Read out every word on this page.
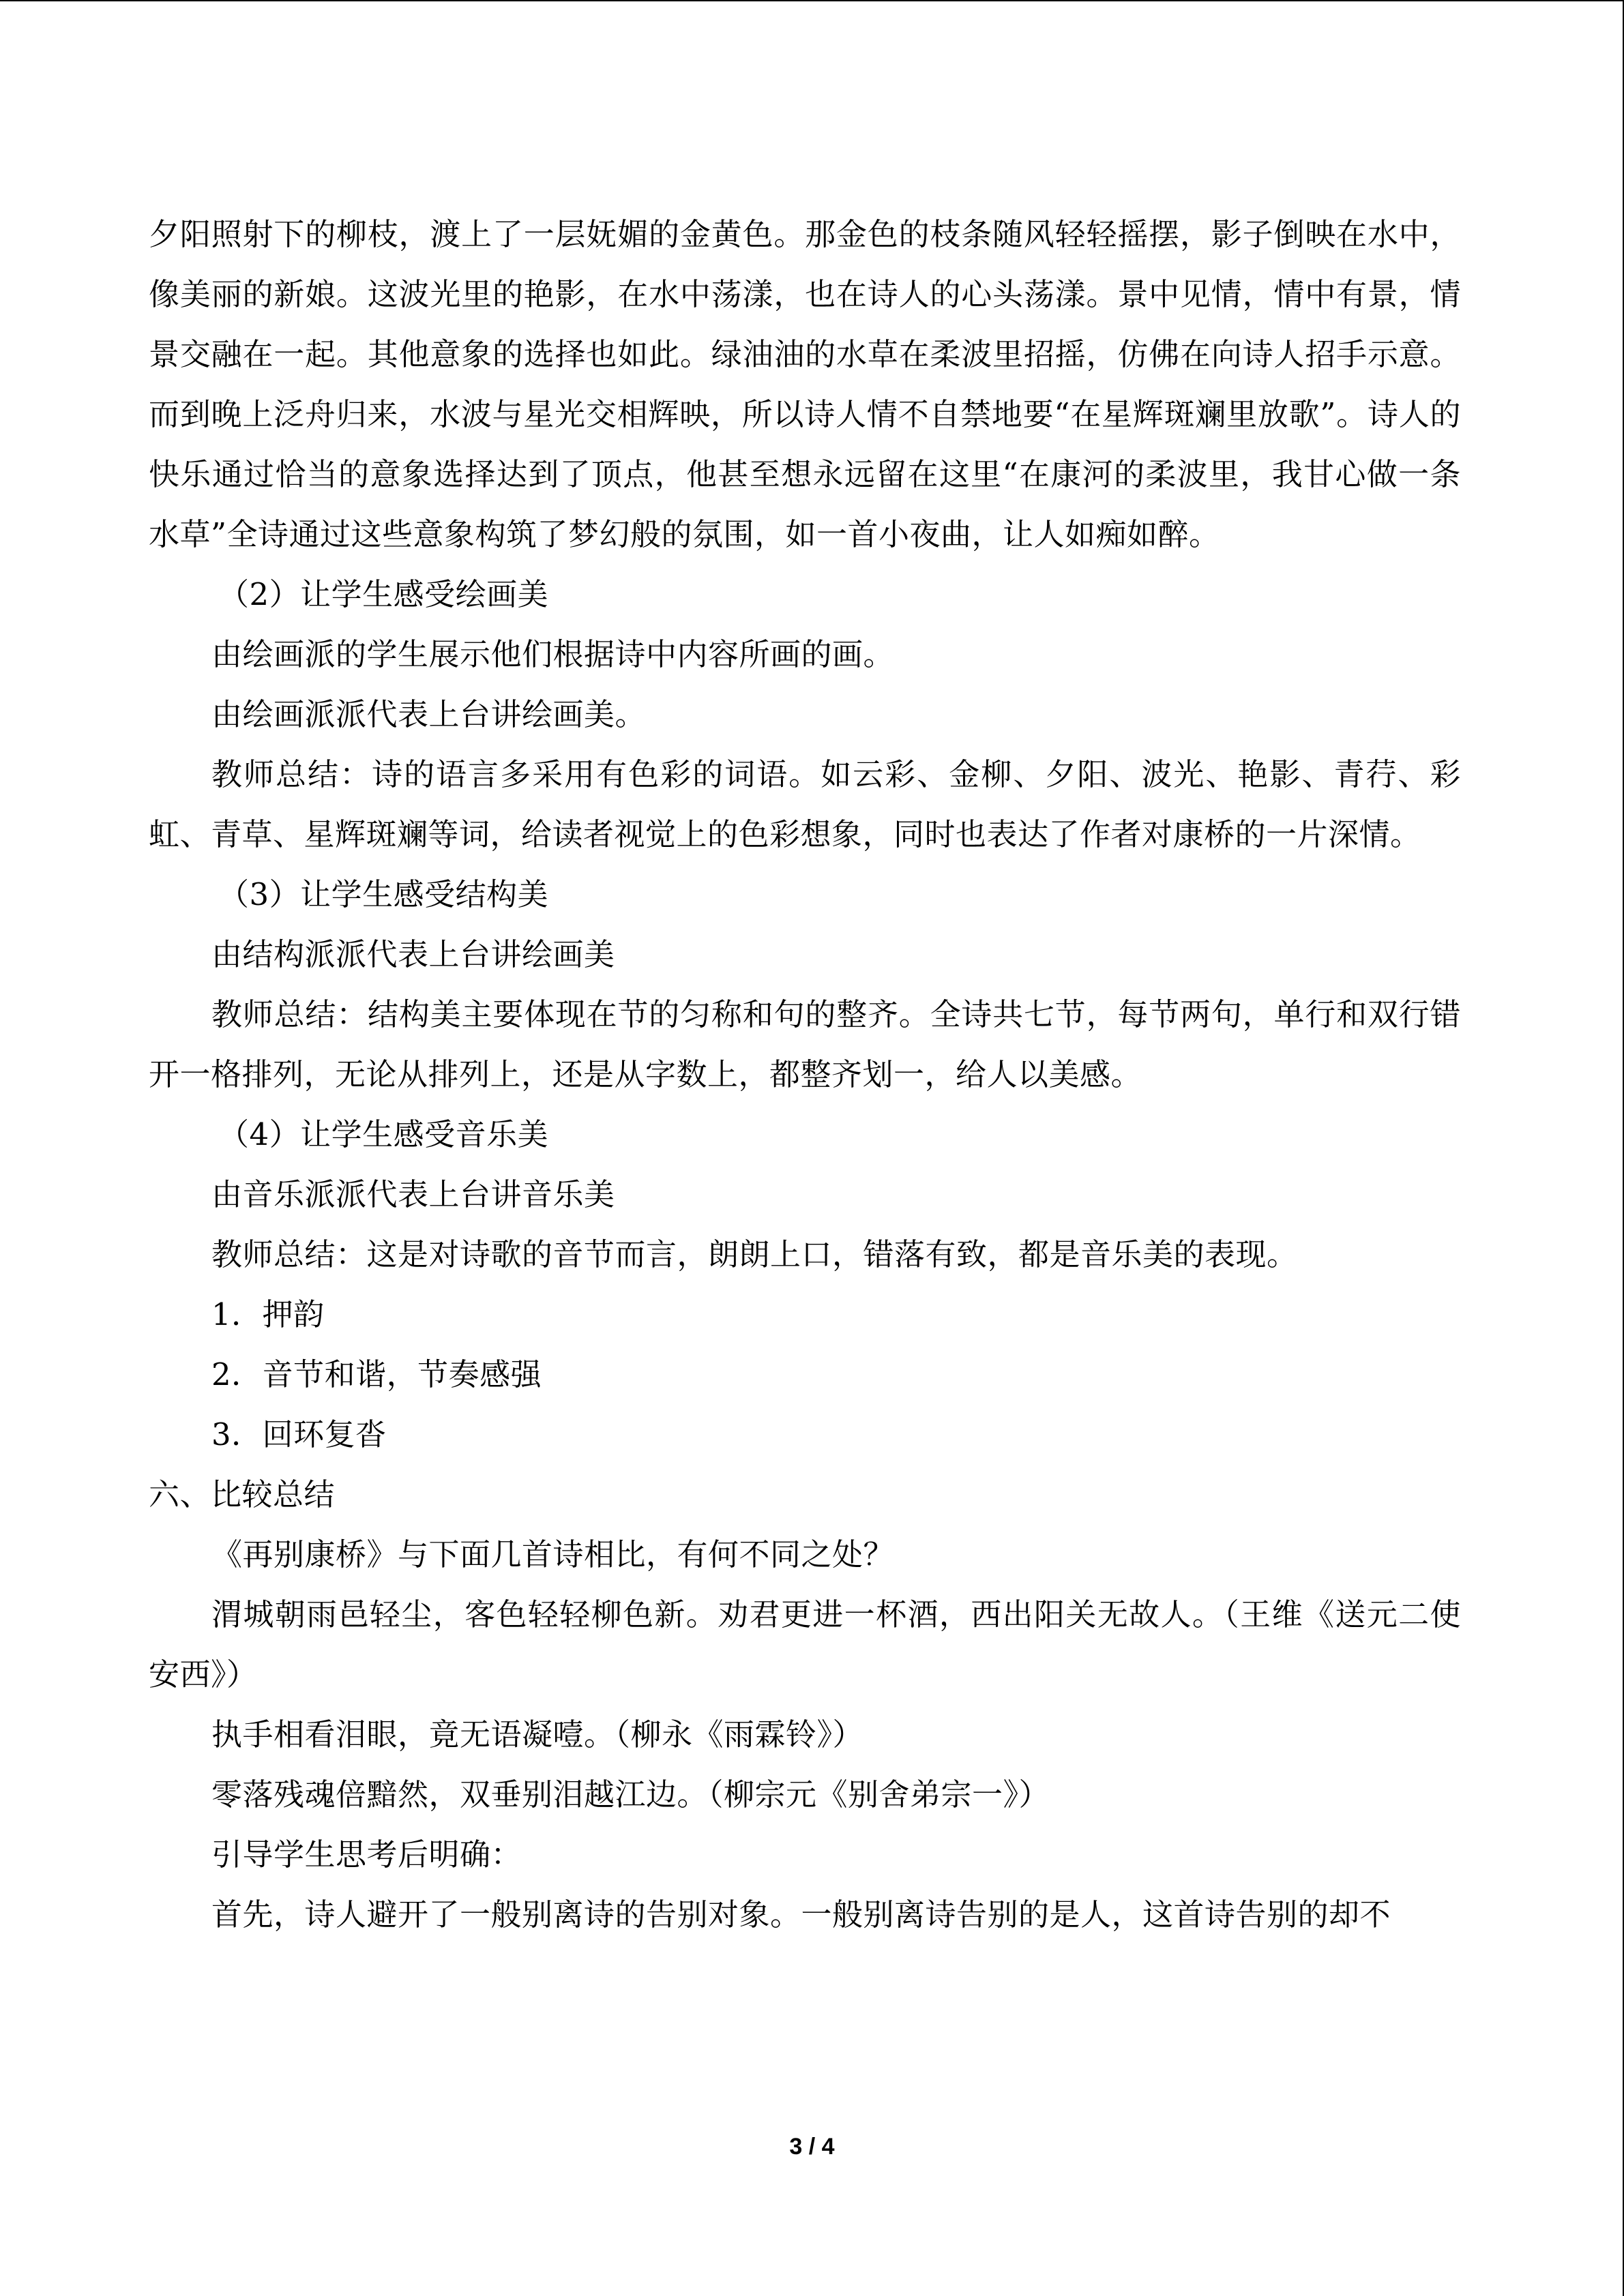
夕阳照射下的柳枝，渡上了一层妩媚的金黄色。那金色的枝条随风轻轻摇摆，影子倒映在水中，像美丽的新娘。这波光里的艳影，在水中荡漾，也在诗人的心头荡漾。景中见情，情中有景，情景交融在一起。其他意象的选择也如此。绿油油的水草在柔波里招摇，仿佛在向诗人招手示意。而到晚上泛舟归来，水波与星光交相辉映，所以诗人情不自禁地要“在星辉斑斓里放歌”。诗人的快乐通过恰当的意象选择达到了顶点，他甚至想永远留在这里“在康河的柔波里，我甘心做一条水草”全诗通过这些意象构筑了梦幻般的氛围，如一首小夜曲，让人如痴如醉。

（2）让学生感受绘画美

由绘画派的学生展示他们根据诗中内容所画的画。

由绘画派派代表上台讲绘画美。

教师总结：诗的语言多采用有色彩的词语。如云彩、金柳、夕阳、波光、艳影、青荇、彩虹、青草、星辉斑斓等词，给读者视觉上的色彩想象，同时也表达了作者对康桥的一片深情。

（3）让学生感受结构美

由结构派派代表上台讲绘画美

教师总结：结构美主要体现在节的匀称和句的整齐。全诗共七节，每节两句，单行和双行错开一格排列，无论从排列上，还是从字数上，都整齐划一，给人以美感。

（4）让学生感受音乐美

由音乐派派代表上台讲音乐美

教师总结：这是对诗歌的音节而言，朗朗上口，错落有致，都是音乐美的表现。

1．押韵

2．音节和谐，节奏感强

3．回环复沓

六、比较总结

《再别康桥》与下面几首诗相比，有何不同之处？

渭城朝雨邑轻尘，客色轻轻柳色新。劝君更进一杯酒，西出阳关无故人。（王维《送元二使安西》）

执手相看泪眼，竟无语凝噎。（柳永《雨霖铃》）

零落残魂倍黯然，双垂别泪越江边。（柳宗元《别舍弟宗一》）

引导学生思考后明确：

首先，诗人避开了一般别离诗的告别对象。一般别离诗告别的是人，这首诗告别的却不

3 / 4
